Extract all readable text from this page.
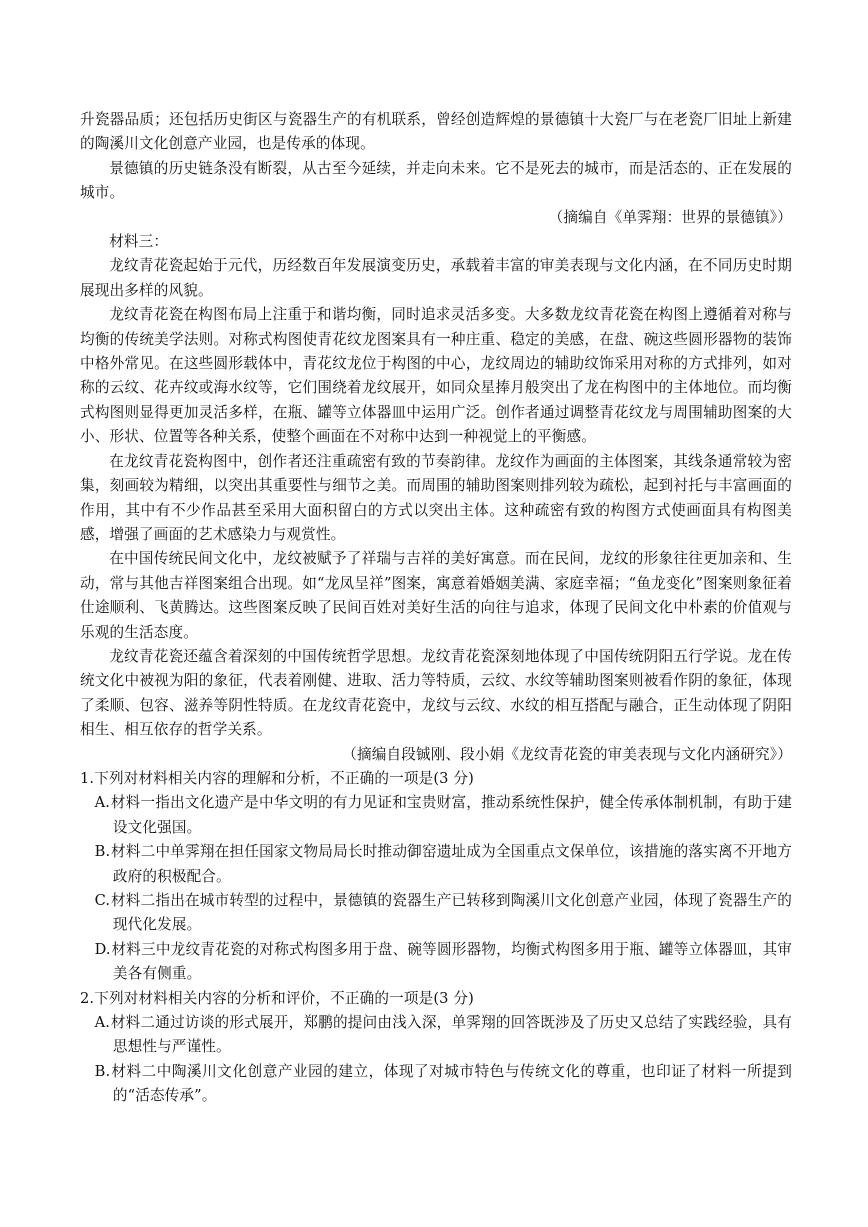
升瓷器品质；还包括历史街区与瓷器生产的有机联系，曾经创造辉煌的景德镇十大瓷厂与在老瓷厂旧址上新建的陶溪川文化创意产业园，也是传承的体现。

景德镇的历史链条没有断裂，从古至今延续，并走向未来。它不是死去的城市，而是活态的、正在发展的城市。

（摘编自《单霁翔：世界的景德镇》）

材料三：

龙纹青花瓷起始于元代，历经数百年发展演变历史，承载着丰富的审美表现与文化内涵，在不同历史时期展现出多样的风貌。

龙纹青花瓷在构图布局上注重于和谐均衡，同时追求灵活多变。大多数龙纹青花瓷在构图上遵循着对称与均衡的传统美学法则。对称式构图使青花纹龙图案具有一种庄重、稳定的美感，在盘、碗这些圆形器物的装饰中格外常见。在这些圆形载体中，青花纹龙位于构图的中心，龙纹周边的辅助纹饰采用对称的方式排列，如对称的云纹、花卉纹或海水纹等，它们围绕着龙纹展开，如同众星捧月般突出了龙在构图中的主体地位。而均衡式构图则显得更加灵活多样，在瓶、罐等立体器皿中运用广泛。创作者通过调整青花纹龙与周围辅助图案的大小、形状、位置等各种关系，使整个画面在不对称中达到一种视觉上的平衡感。

在龙纹青花瓷构图中，创作者还注重疏密有致的节奏韵律。龙纹作为画面的主体图案，其线条通常较为密集，刻画较为精细，以突出其重要性与细节之美。而周围的辅助图案则排列较为疏松，起到衬托与丰富画面的作用，其中有不少作品甚至采用大面积留白的方式以突出主体。这种疏密有致的构图方式使画面具有构图美感，增强了画面的艺术感染力与观赏性。

在中国传统民间文化中，龙纹被赋予了祥瑞与吉祥的美好寓意。而在民间，龙纹的形象往往更加亲和、生动，常与其他吉祥图案组合出现。如“龙凤呈祥”图案，寓意着婚姻美满、家庭幸福；“鱼龙变化”图案则象征着仕途顺利、飞黄腾达。这些图案反映了民间百姓对美好生活的向往与追求，体现了民间文化中朴素的价值观与乐观的生活态度。

龙纹青花瓷还蕴含着深刻的中国传统哲学思想。龙纹青花瓷深刻地体现了中国传统阴阳五行学说。龙在传统文化中被视为阳的象征，代表着刚健、进取、活力等特质，云纹、水纹等辅助图案则被看作阴的象征，体现了柔顺、包容、滋养等阴性特质。在龙纹青花瓷中，龙纹与云纹、水纹的相互搭配与融合，正生动体现了阴阳相生、相互依存的哲学关系。

（摘编自段铖刚、段小娟《龙纹青花瓷的审美表现与文化内涵研究》）

1.下列对材料相关内容的理解和分析，不正确的一项是(3 分)

A.材料一指出文化遗产是中华文明的有力见证和宝贵财富，推动系统性保护，健全传承体制机制，有助于建设文化强国。

B.材料二中单霁翔在担任国家文物局局长时推动御窑遗址成为全国重点文保单位，该措施的落实离不开地方政府的积极配合。

C.材料二指出在城市转型的过程中，景德镇的瓷器生产已转移到陶溪川文化创意产业园，体现了瓷器生产的现代化发展。

D.材料三中龙纹青花瓷的对称式构图多用于盘、碗等圆形器物，均衡式构图多用于瓶、罐等立体器皿，其审美各有侧重。

2.下列对材料相关内容的分析和评价，不正确的一项是(3 分)

A.材料二通过访谈的形式展开，郑鹏的提问由浅入深，单霁翔的回答既涉及了历史又总结了实践经验，具有思想性与严谨性。

B.材料二中陶溪川文化创意产业园的建立，体现了对城市特色与传统文化的尊重，也印证了材料一所提到的“活态传承”。
